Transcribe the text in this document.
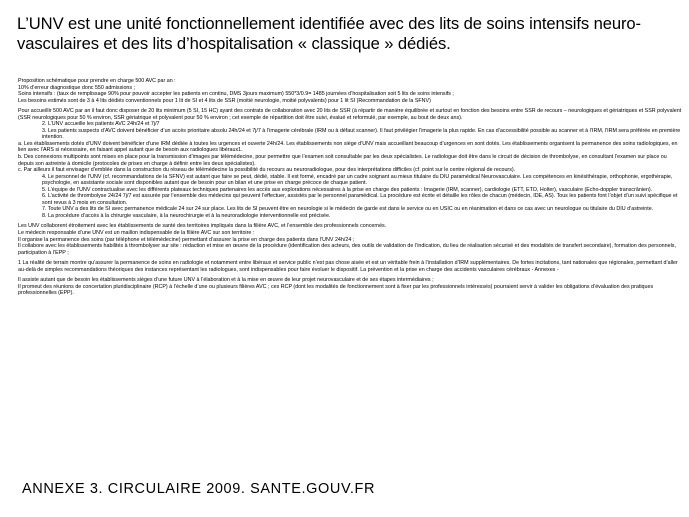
L’UNV est une unité fonctionnellement identifiée avec des lits de soins intensifs neuro-vasculaires et des lits d’hospitalisation « classique » dédiés.

Proposition schématique pour prendre en charge 500 AVC par an :

10% d’erreur diagnostique donc 550 admissions ;

Soins intensifs : (taux de remplissage 90% pour pouvoir accepter les patients en continu, DMS 3jours maximum) 550*3/0.9= 1485 journées d’hospitalisation soit 5 lits de soins intensifs ;

Les besoins estimés sont de 3 à 4 lits dédiés conventionnels pour 1 lit de SI et 4 lits de SSR (moitié neurologie, moitié polyvalents) pour 1 lit SI (Recommandation de la SFNV)

Pour accueillir 500 AVC par an il faut donc disposer de 20 lits minimum (5 SI, 15 HC) ayant des contrats de collaboration avec 20 lits de SSR (à répartir de manière équilibrée et surtout en fonction des besoins entre SSR de recours – neurologiques et gériatriques et SSR polyvalent (SSR neurologiques pour 50 % environ, SSR gériatrique et polyvalent pour 50 % environ ; cet exemple de répartition doit être suivi, évalué et reformulé, par exemple, au bout de deux ans).

2. L’UNV accueille les patients AVC 24h/24 et 7j/7

3. Les patients suspects d’AVC doivent bénéficier d’un accès prioritaire absolu 24h/24 et 7j/7 à l’imagerie cérébrale (IRM ou à défaut scanner). Il faut privilégier l’imagerie la plus rapide. En cas d’accessibilité possible au scanner et à l’IRM, l’IRM sera préférée en première intention.

a. Les établissements dotés d’UNV doivent bénéficier d’une IRM dédiée à toutes les urgences et ouverte 24h/24. Les établissements non siège d’UNV mais accueillant beaucoup d’urgences en sont dotés. Les établissements organisent la permanence des soins radiologiques, en lien avec l’ARS si nécessaire, en faisant appel autant que de besoin aux radiologues libéraux1.

b. Des connexions multipoints sont mises en place pour la transmission d’images par télémédecine, pour permettre que l’examen soit consultable par les deux spécialistes. Le radiologue doit être dans le circuit de décision de thrombolyse, en consultant l’examen sur place ou depuis son astreinte à domicile (protocoles de prises en charge à définir entre les deux spécialistes).

c. Par ailleurs il faut envisager d’emblée dans la construction du réseau de télémédecine la possibilité du recours au neuroradiologue, pour des interprétations difficiles (cf. point sur le centre régional de recours).

4. Le personnel de l’UNV (cf. recommandations de la SFNV) est autant que faire se peut, dédié, stable. Il est formé, encadré par un cadre soignant au mieux titulaire du DIU paramédical Neurovasculaire. Les compétences en kinésithérapie, orthophonie, ergothérapie, psychologie, en assistante sociale sont disponibles autant que de besoin pour un bilan et une prise en charge précoce de chaque patient.

5. L’équipe de l’UNV contractualise avec les différents plateaux techniques partenaires les accès aux explorations nécessaires à la prise en charge des patients : Imagerie (IRM, scanner), cardiologie (ETT, ETO, Holter), vasculaire (Echo-doppler transcrânien).

6. L’activité de thrombolyse 24/24 7j/7 est assurée par l’ensemble des médecins qui peuvent l’effectuer, assistés par le personnel paramédical. La procédure est écrite et détaille les rôles de chacun (médecin, IDE, AS). Tous les patients font l’objet d’un suivi spécifique et sont revus à 3 mois en consultation.

7. Toute UNV a des lits de SI avec permanence médicale 24 sur 24 sur place. Les lits de SI peuvent être en neurologie si le médecin de garde est dans le service ou en USIC ou en réanimation et dans ce cas avec un neurologue ou titulaire du DIU d’astreinte.

8. La procédure d’accès à la chirurgie vasculaire, à la neurochirurgie et à la neuroradiologie interventionnelle est précisée.

Les UNV collaborent étroitement avec les établissements de santé des territoires impliqués dans la filière AVC, et l’ensemble des professionnels concernés.

Le médecin responsable d’une UNV est un maillon indispensable de la filière AVC sur son territoire :

Il organise la permanence des soins (par téléphone et télémédecine) permettant d’assurer la prise en charge des patients dans l’UNV 24h/24 ;

Il collabore avec les établissements habilités à thrombolyser sur site : rédaction et mise en œuvre de la procédure (identification des acteurs, des outils de validation de l’indication, du lieu de réalisation sécurisé et des modalités de transfert secondaire), formation des personnels, participation à l’EPP ;

1 La réalité de terrain montre qu’assurer la permanence de soins en radiologie et notamment entre libéraux et service public n’est pas chose aisée et est un véritable frein à l’installation d’IRM supplémentaires. De fortes incitations, tant nationales que régionales, permettant d’aller au-delà de simples recommandations théoriques des instances représentant les radiologues, sont indispensables pour faire évoluer le dispositif. La prévention et la prise en charge des accidents vasculaires cérébraux - Annexes -

Il assiste autant que de besoin les établissements sièges d’une future UNV à l’élaboration et à la mise en œuvre de leur projet neurovasculaire et de ses étapes intermédiaires ;

Il promeut des réunions de concertation pluridisciplinaire (RCP) à l’échelle d’une ou plusieurs filières AVC ; ces RCP (dont les modalités de fonctionnement sont à fixer par les professionnels intéressés) pourraient servir à valider les obligations d’évaluation des pratiques professionnelles (EPP).

ANNEXE 3. CIRCULAIRE 2009. SANTE.GOUV.FR
